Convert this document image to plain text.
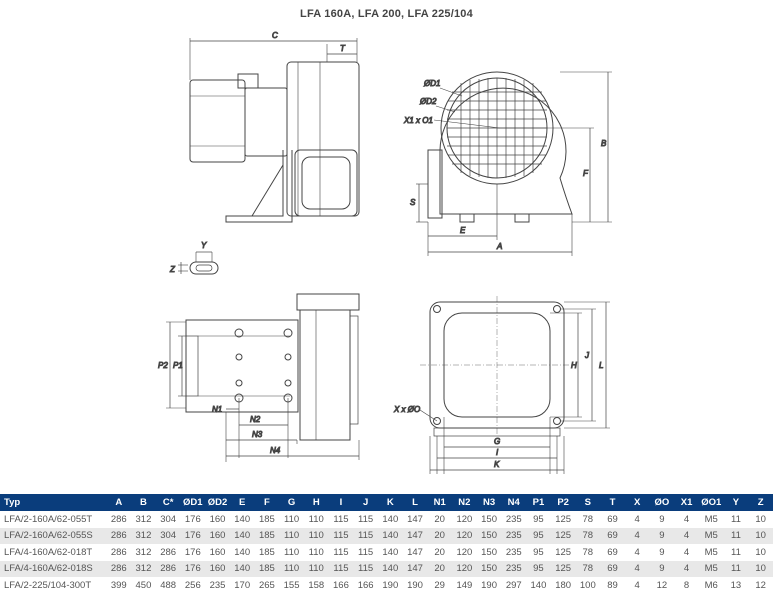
LFA 160A, LFA 200, LFA 225/104
C
T
ØD1
ØD2
X1 x O1
B
F
S
E
A
Y
Z
P2 P1
N1
N2
N3
N4
X x ØO
H
J
L
G
I
K
Typ	A	B	C*	ØD1	ØD2	E	F	G	H	I	J	K	L	N1	N2	N3	N4	P1	P2	S	T	X	ØO	X1	ØO1	Y	Z
LFA/2-160A/62-055T	286	312	304	176	160	140	185	110	110	115	115	140	147	20	120	150	235	95	125	78	69	4	9	4	M5	11	10
LFA/2-160A/62-055S	286	312	304	176	160	140	185	110	110	115	115	140	147	20	120	150	235	95	125	78	69	4	9	4	M5	11	10
LFA/4-160A/62-018T	286	312	286	176	160	140	185	110	110	115	115	140	147	20	120	150	235	95	125	78	69	4	9	4	M5	11	10
LFA/4-160A/62-018S	286	312	286	176	160	140	185	110	110	115	115	140	147	20	120	150	235	95	125	78	69	4	9	4	M5	11	10
LFA/2-225/104-300T	399	450	488	256	235	170	265	155	158	166	166	190	190	29	149	190	297	140	180	100	89	4	12	8	M6	13	12
